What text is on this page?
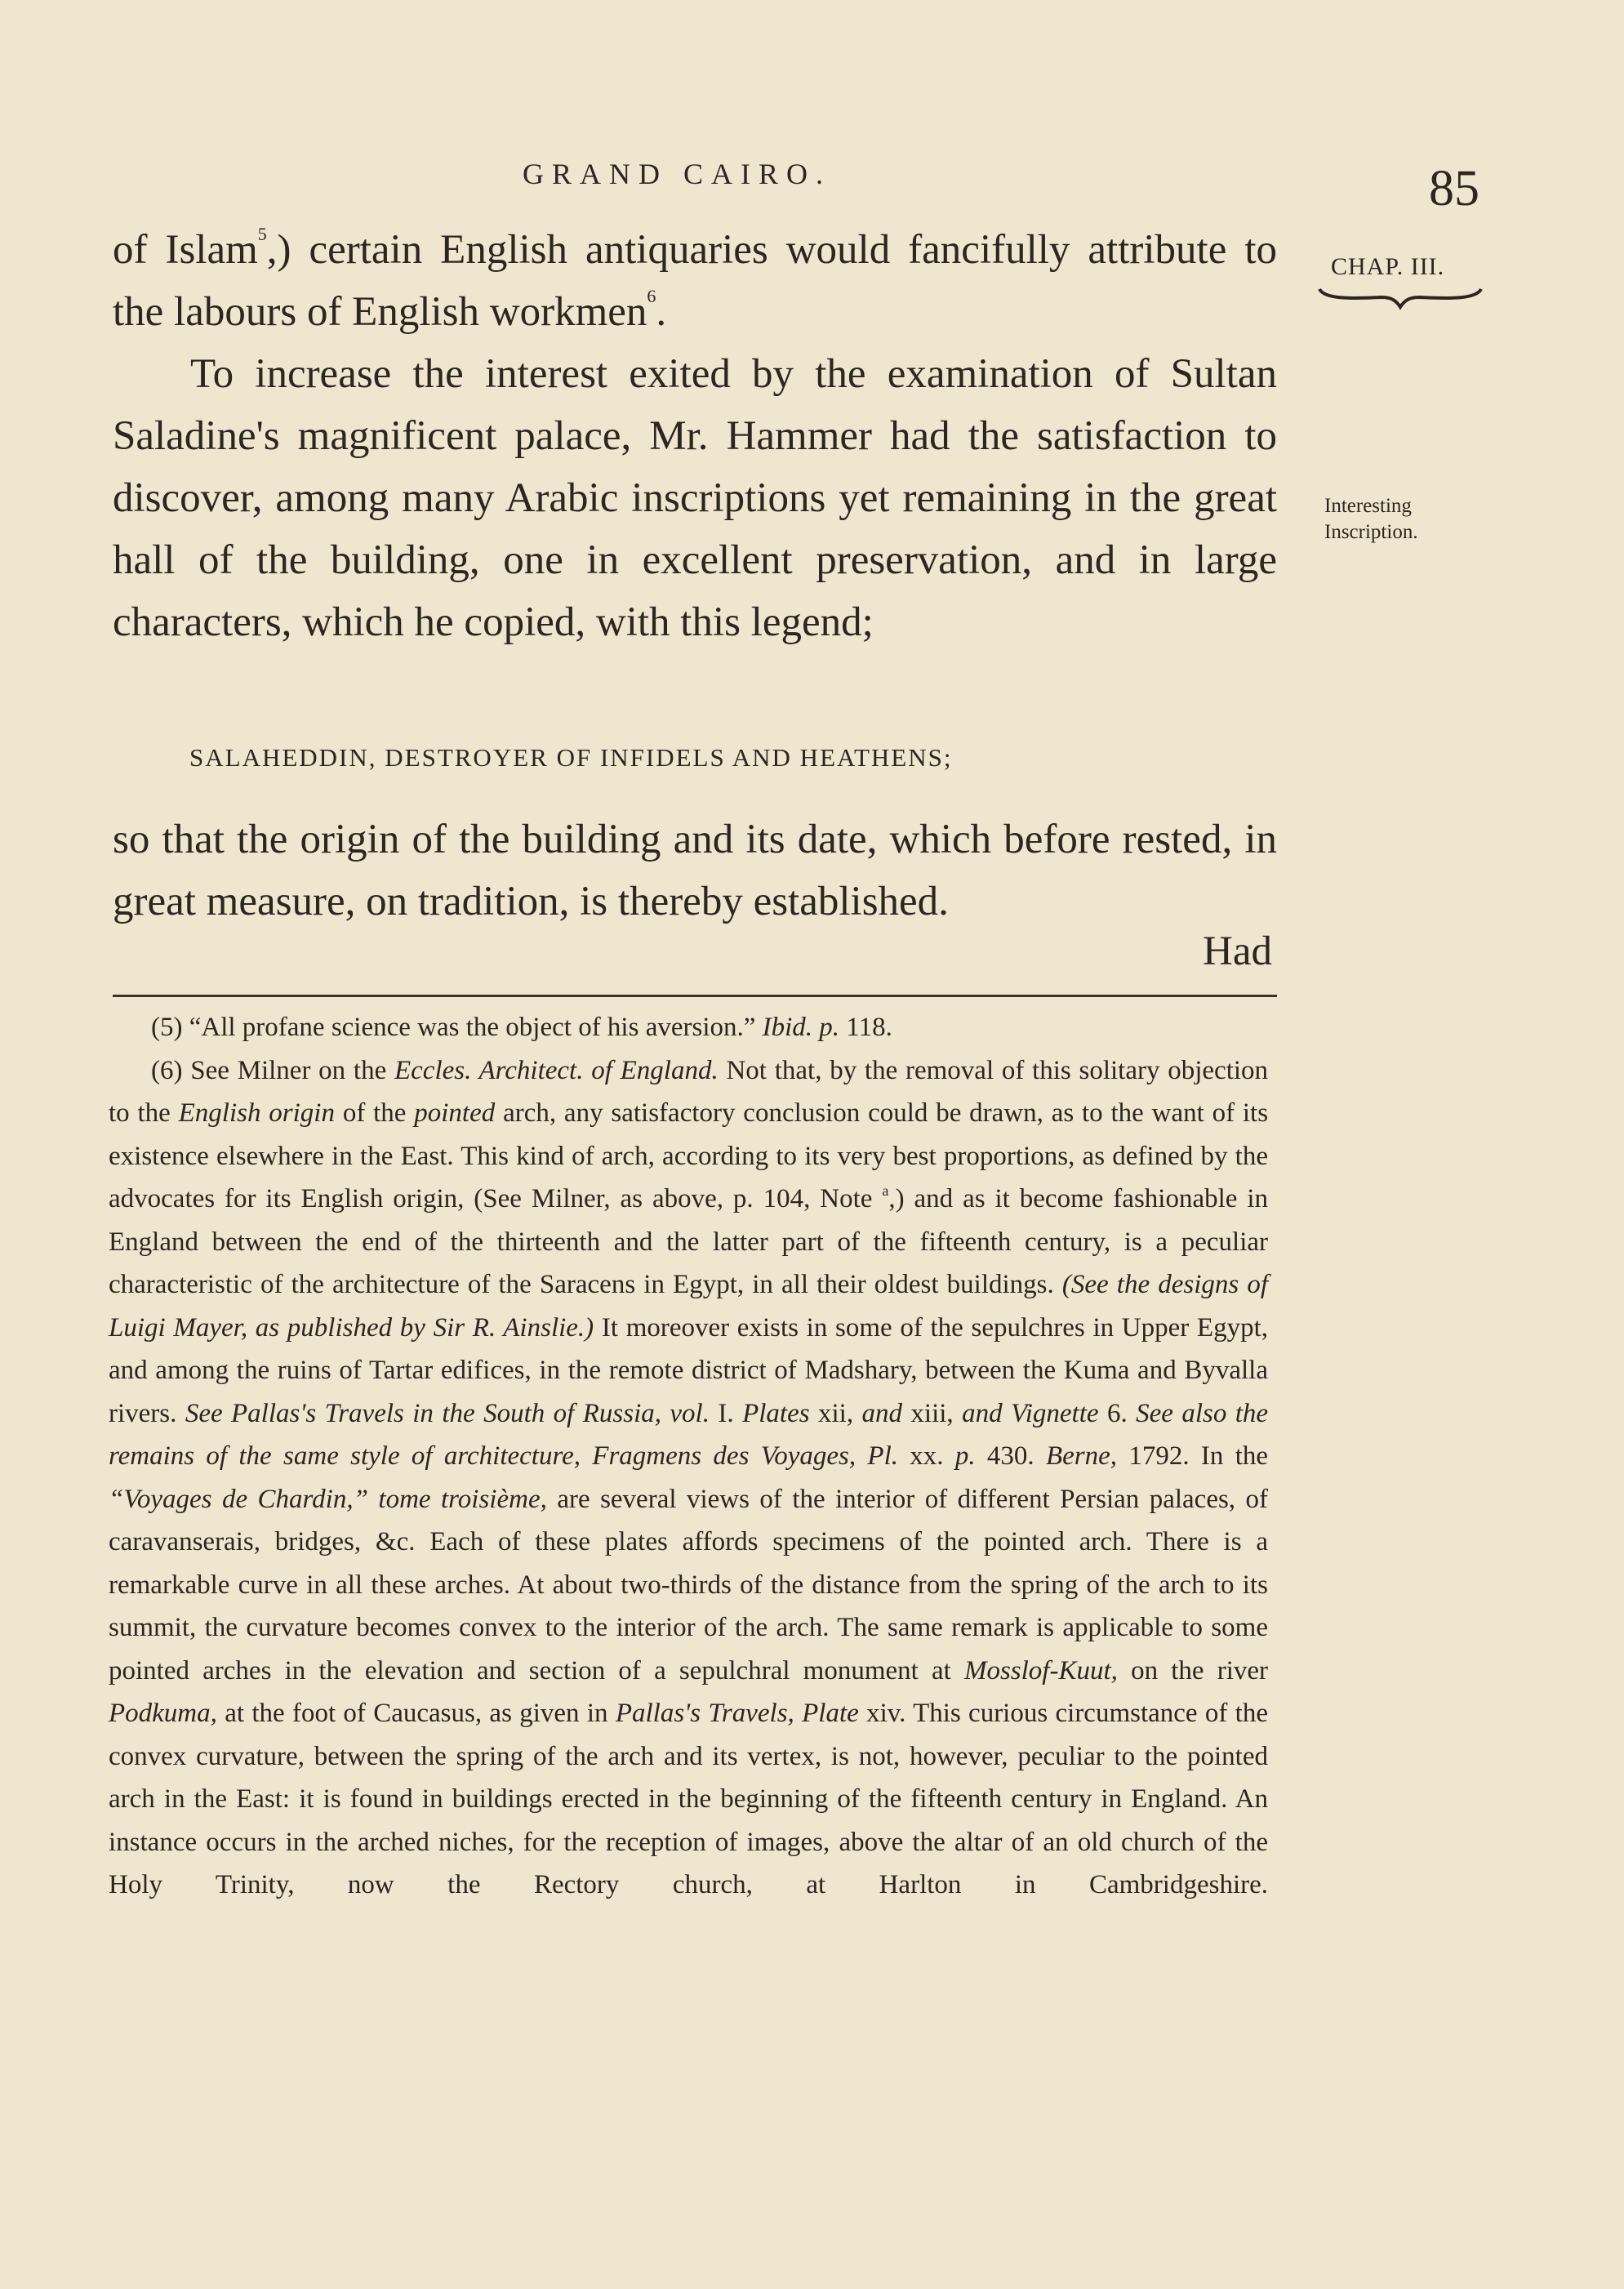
GRAND CAIRO.	85
CHAP. III.
Interesting
Inscription.

of Islam$^5$,) certain English antiquaries would fancifully attribute to the labours of English workmen$^6$.

To increase the interest exited by the examination of Sultan Saladine's magnificent palace, Mr. Hammer had the satisfaction to discover, among many Arabic inscriptions yet remaining in the great hall of the building, one in excellent preservation, and in large characters, which he copied, with this legend;

SALAHEDDIN, DESTROYER OF INFIDELS AND HEATHENS;

so that the origin of the building and its date, which before rested, in great measure, on tradition, is thereby established.

Had

(5) “All profane science was the object of his aversion.” Ibid. p. 118.

(6) See Milner on the Eccles. Architect. of England. Not that, by the removal of this solitary objection to the English origin of the pointed arch, any satisfactory conclusion could be drawn, as to the want of its existence elsewhere in the East. This kind of arch, according to its very best proportions, as defined by the advocates for its English origin, (See Milner, as above, p. 104, Note $^a$,) and as it become fashionable in England between the end of the thirteenth and the latter part of the fifteenth century, is a peculiar characteristic of the architecture of the Saracens in Egypt, in all their oldest buildings. (See the designs of Luigi Mayer, as published by Sir R. Ainslie.) It moreover exists in some of the sepulchres in Upper Egypt, and among the ruins of Tartar edifices, in the remote district of Madshary, between the Kuma and Byvalla rivers. See Pallas's Travels in the South of Russia, vol. I. Plates xii, and xiii, and Vignette 6. See also the remains of the same style of architecture, Fragmens des Voyages, Pl. xx. p. 430. Berne, 1792. In the “Voyages de Chardin,” tome troisième, are several views of the interior of different Persian palaces, of caravanserais, bridges, &c. Each of these plates affords specimens of the pointed arch. There is a remarkable curve in all these arches. At about two-thirds of the distance from the spring of the arch to its summit, the curvature becomes convex to the interior of the arch. The same remark is applicable to some pointed arches in the elevation and section of a sepulchral monument at Mosslof-Kuut, on the river Podkuma, at the foot of Caucasus, as given in Pallas's Travels, Plate xiv. This curious circumstance of the convex curvature, between the spring of the arch and its vertex, is not, however, peculiar to the pointed arch in the East: it is found in buildings erected in the beginning of the fifteenth century in England. An instance occurs in the arched niches, for the reception of images, above the altar of an old church of the Holy Trinity, now the Rectory church, at Harlton in Cambridgeshire.
